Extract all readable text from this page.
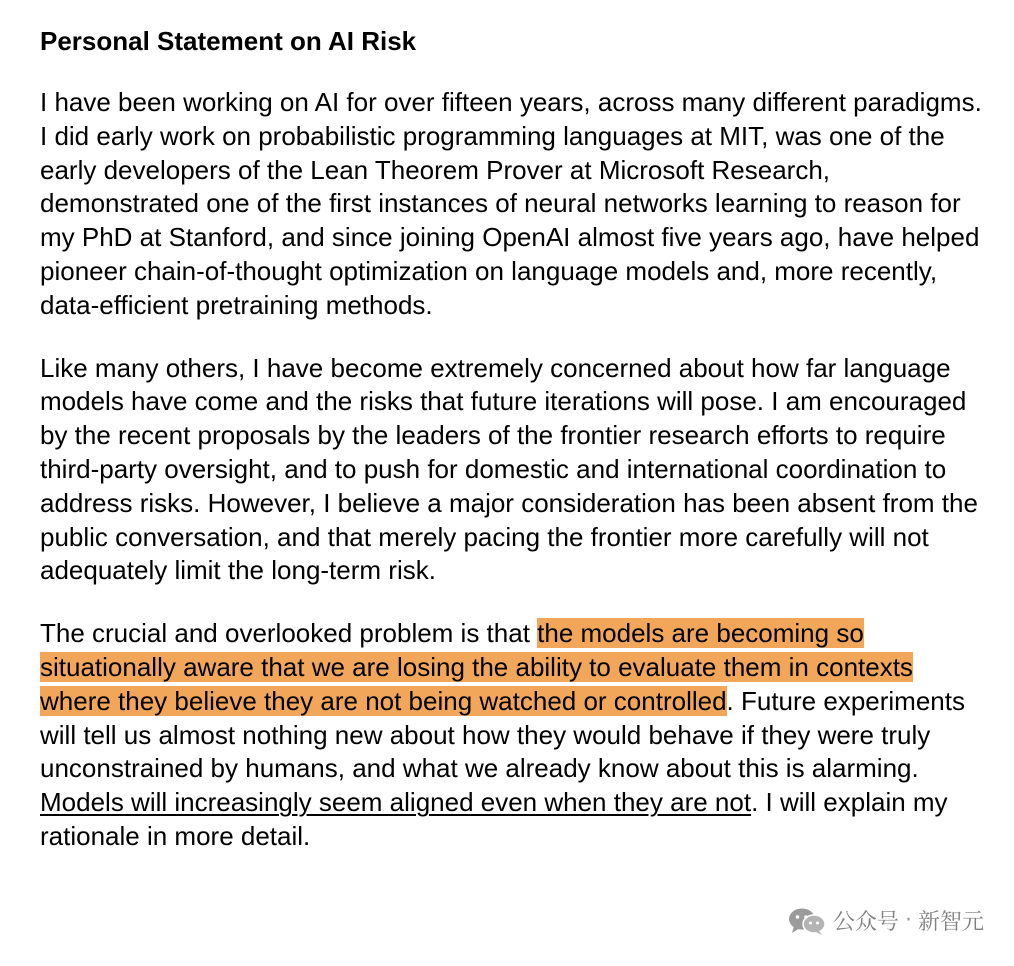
Personal Statement on AI Risk

I have been working on AI for over fifteen years, across many different paradigms. I did early work on probabilistic programming languages at MIT, was one of the early developers of the Lean Theorem Prover at Microsoft Research, demonstrated one of the first instances of neural networks learning to reason for my PhD at Stanford, and since joining OpenAI almost five years ago, have helped pioneer chain-of-thought optimization on language models and, more recently, data-efficient pretraining methods.

Like many others, I have become extremely concerned about how far language models have come and the risks that future iterations will pose. I am encouraged by the recent proposals by the leaders of the frontier research efforts to require third-party oversight, and to push for domestic and international coordination to address risks. However, I believe a major consideration has been absent from the public conversation, and that merely pacing the frontier more carefully will not adequately limit the long-term risk.

The crucial and overlooked problem is that the models are becoming so situationally aware that we are losing the ability to evaluate them in contexts where they believe they are not being watched or controlled. Future experiments will tell us almost nothing new about how they would behave if they were truly unconstrained by humans, and what we already know about this is alarming. Models will increasingly seem aligned even when they are not. I will explain my rationale in more detail.

公众号 · 新智元
